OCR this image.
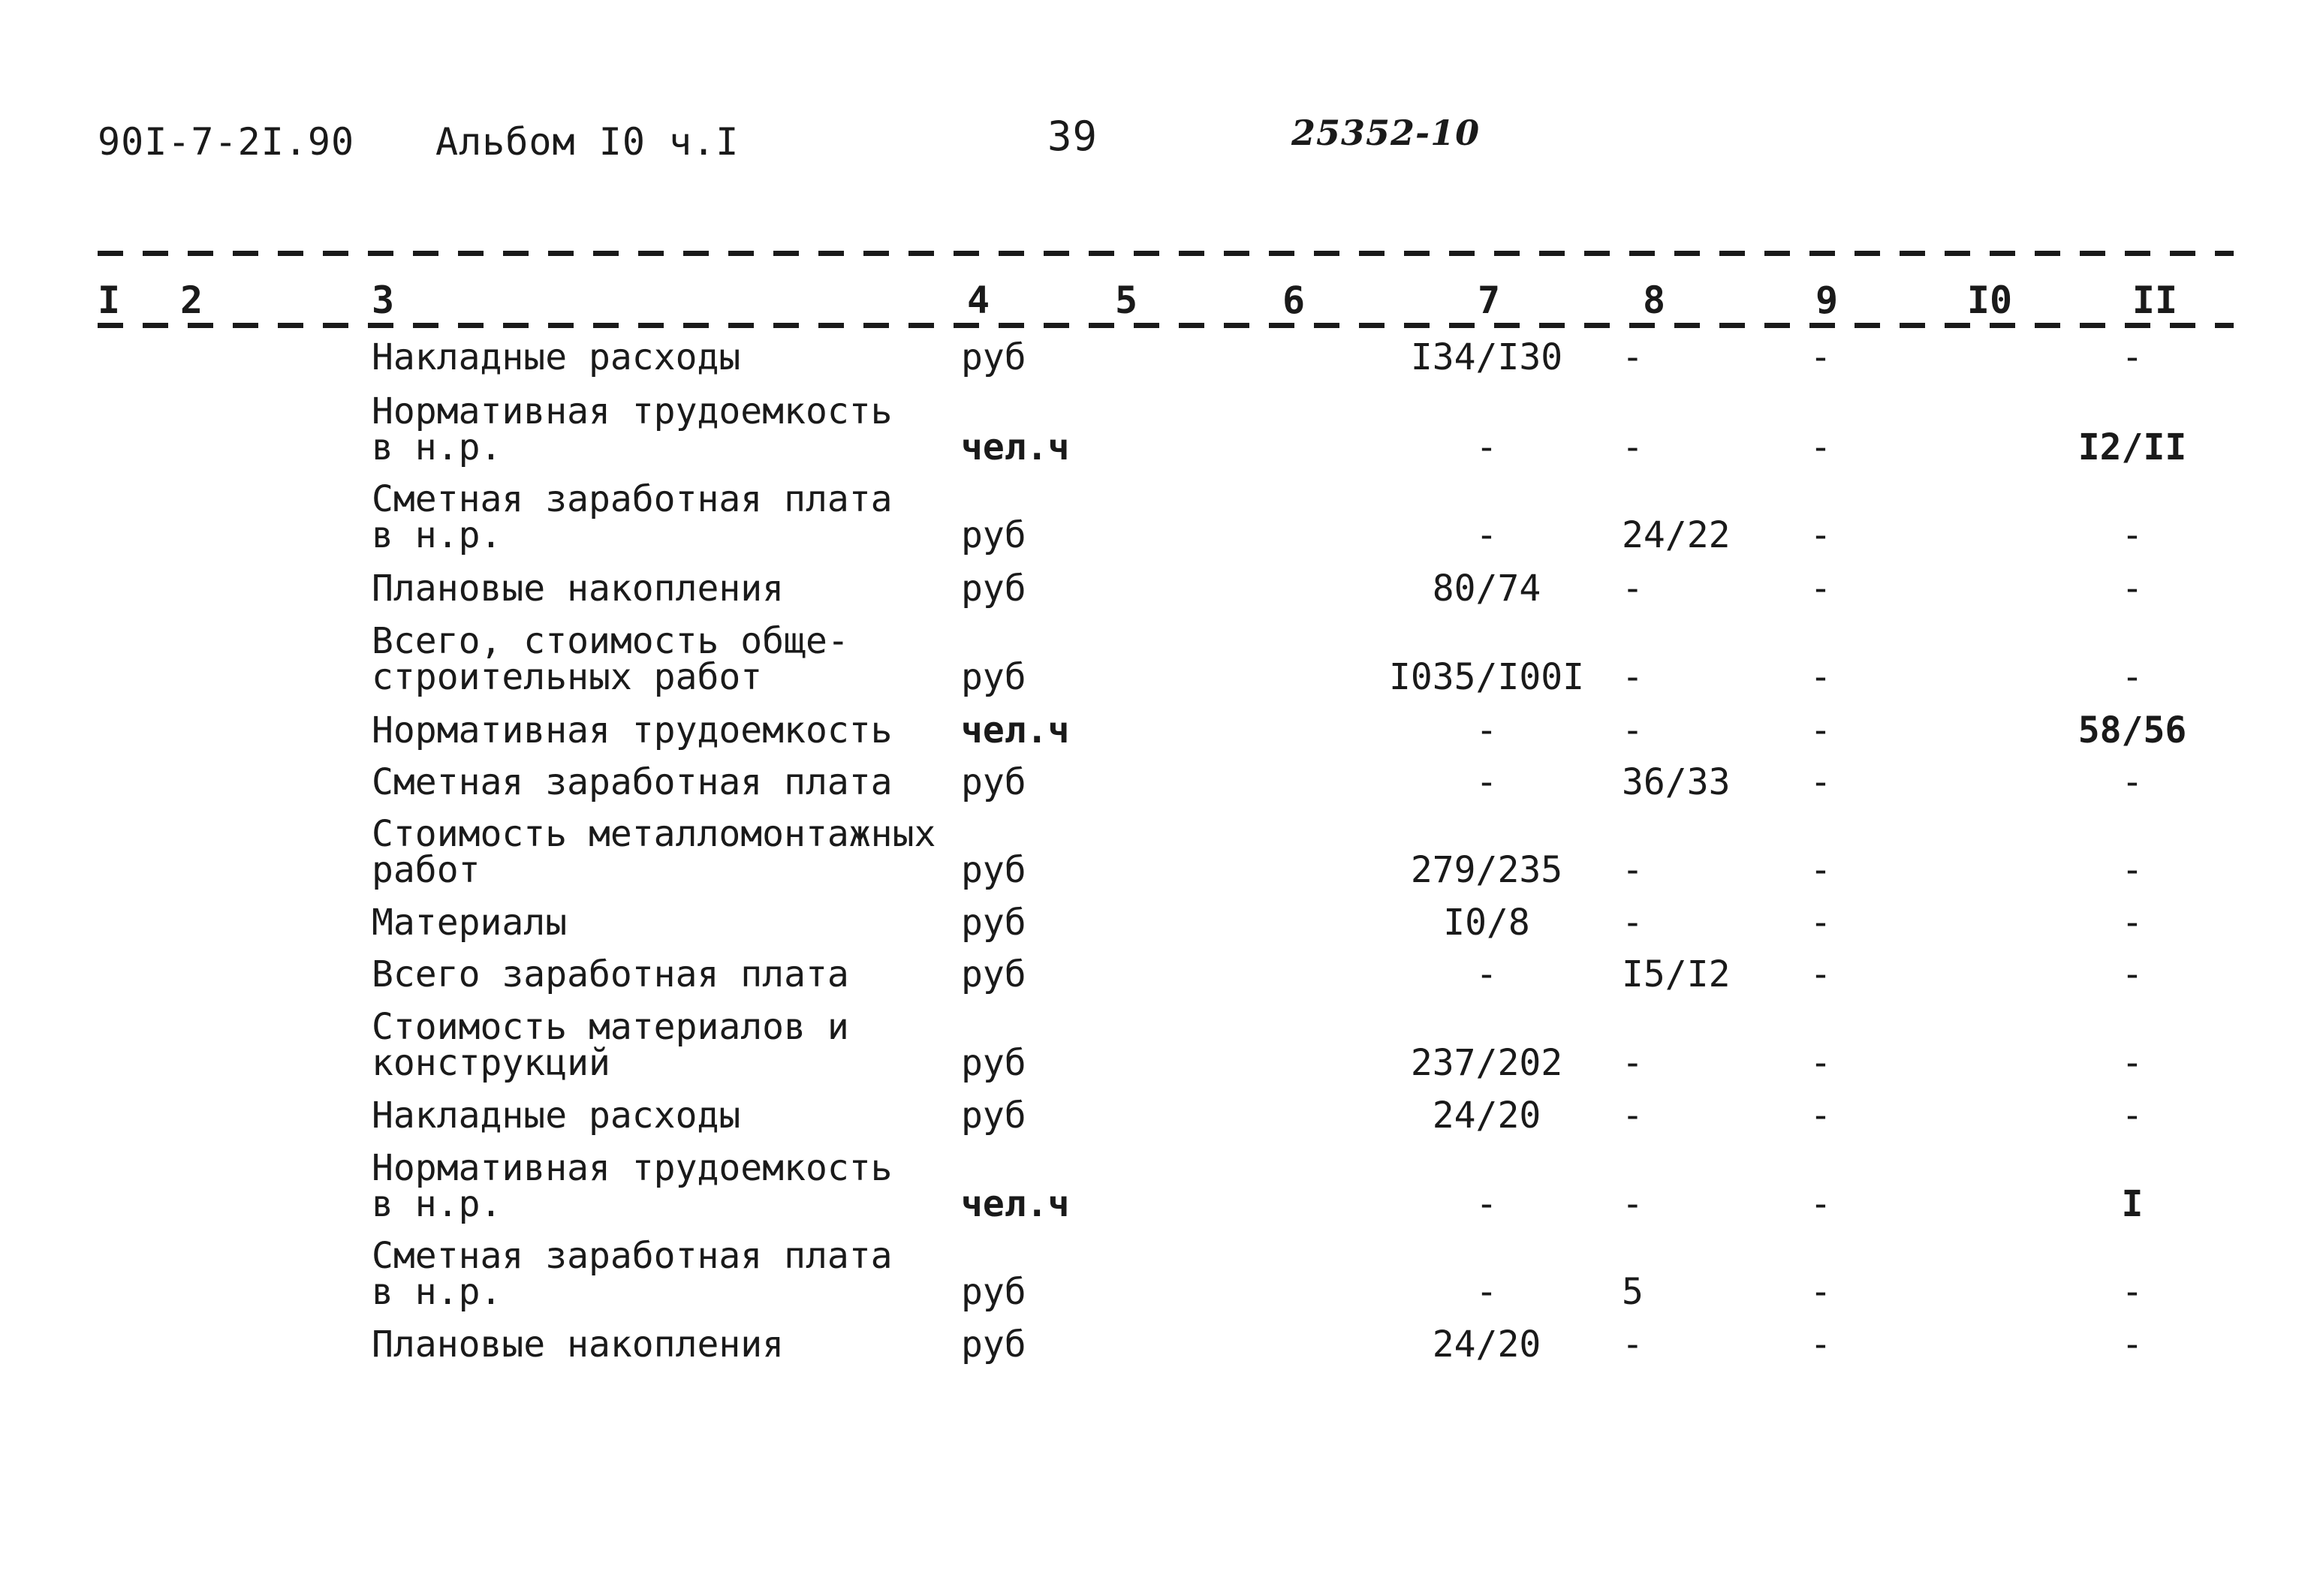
90I-7-2I.90 Альбом I0 ч.I	39	25352-10
I 2	3	4	5	6	7	8	9	I0	II
Накладные расходы	руб	I34/I30	-	-	-
Нормативная трудоемкость
в н.р.	чел.ч	-	-	-	I2/II
Сметная заработная плата
в н.р.	руб	-	24/22	-	-
Плановые накопления	руб	80/74	-	-	-
Всего, стоимость обще-
строительных работ	руб	I035/I00I	-	-	-
Нормативная трудоемкость	чел.ч	-	-	-	58/56
Сметная заработная плата	руб	-	36/33	-	-
Стоимость металломонтажных
работ	руб	279/235	-	-	-
Материалы	руб	I0/8	-	-	-
Всего заработная плата	руб	-	I5/I2	-	-
Стоимость материалов и
конструкций	руб	237/202	-	-	-
Накладные расходы	руб	24/20	-	-	-
Нормативная трудоемкость
в н.р.	чел.ч	-	-	-	I
Сметная заработная плата
в н.р.	руб	-	5	-	-
Плановые накопления	руб	24/20	-	-	-
